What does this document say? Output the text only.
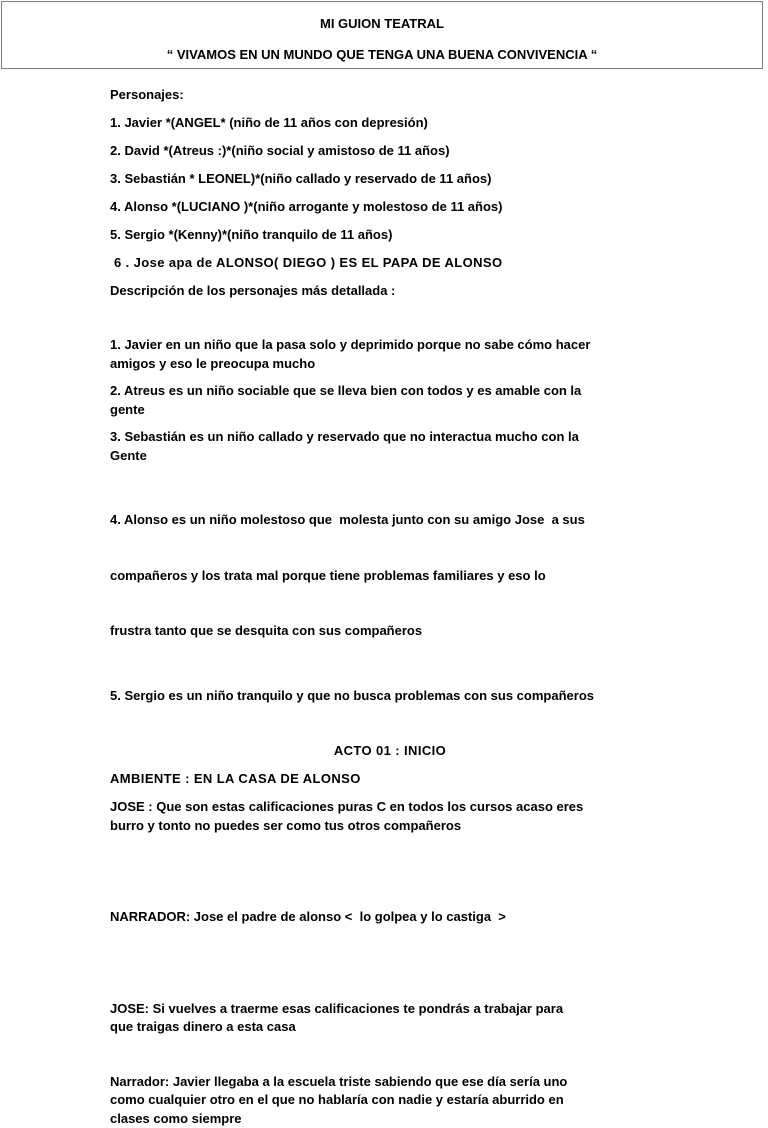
MI GUION TEATRAL
“ VIVAMOS EN UN MUNDO QUE TENGA UNA BUENA CONVIVENCIA “
Personajes:
1. Javier *(ANGEL* (niño de 11 años con depresión)
2. David *(Atreus :)*(niño social y amistoso de 11 años)
3. Sebastián * LEONEL)*(niño callado y reservado de 11 años)
4. Alonso *(LUCIANO )*(niño arrogante y molestoso de 11 años)
5. Sergio *(Kenny)*(niño tranquilo de 11 años)
6 . Jose apa de ALONSO( DIEGO ) ES EL PAPA DE ALONSO
Descripción de los personajes más detallada :
1. Javier en un niño que la pasa solo y deprimido porque no sabe cómo hacer
amigos y eso le preocupa mucho
2. Atreus es un niño sociable que se lleva bien con todos y es amable con la
gente
3. Sebastián es un niño callado y reservado que no interactua mucho con la
Gente

4. Alonso es un niño molestoso que  molesta junto con su amigo Jose  a sus

compañeros y los trata mal porque tiene problemas familiares y eso lo

frustra tanto que se desquita con sus compañeros

5. Sergio es un niño tranquilo y que no busca problemas con sus compañeros
ACTO 01 : INICIO
AMBIENTE : EN LA CASA DE ALONSO
JOSE : Que son estas calificaciones puras C en todos los cursos acaso eres
burro y tonto no puedes ser como tus otros compañeros

NARRADOR: Jose el padre de alonso <  lo golpea y lo castiga  >

JOSE: Si vuelves a traerme esas calificaciones te pondrás a trabajar para
que traigas dinero a esta casa
Narrador: Javier llegaba a la escuela triste sabiendo que ese día sería uno
como cualquier otro en el que no hablaría con nadie y estaría aburrido en
clases como siempre
